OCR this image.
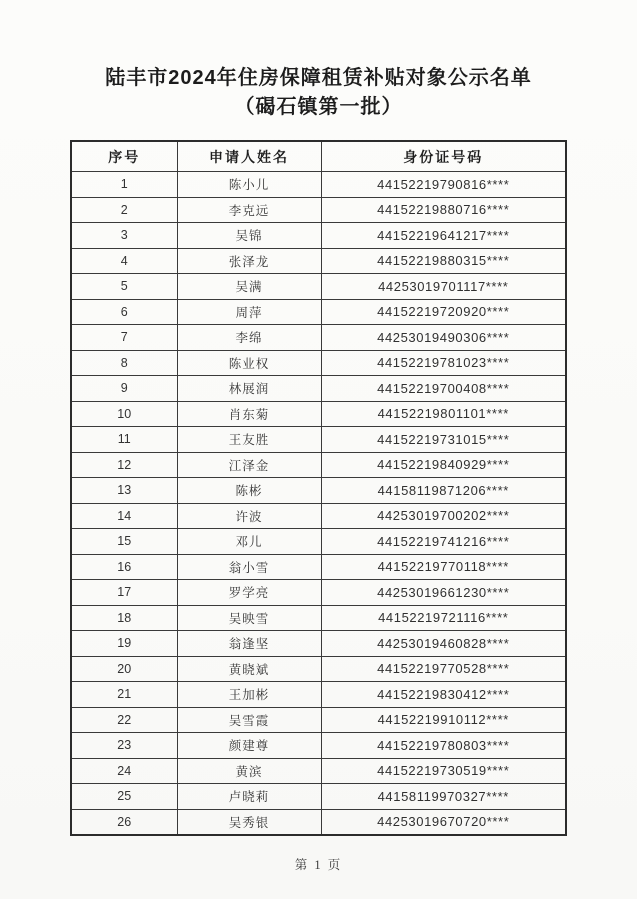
陆丰市2024年住房保障租赁补贴对象公示名单
（碣石镇第一批）
序号	申请人姓名	身份证号码
1	陈小儿	44152219790816****
2	李克远	44152219880716****
3	吴锦	44152219641217****
4	张泽龙	44152219880315****
5	吴满	44253019701117****
6	周萍	44152219720920****
7	李绵	44253019490306****
8	陈业权	44152219781023****
9	林展润	44152219700408****
10	肖东菊	44152219801101****
11	王友胜	44152219731015****
12	江泽金	44152219840929****
13	陈彬	44158119871206****
14	许波	44253019700202****
15	邓儿	44152219741216****
16	翁小雪	44152219770118****
17	罗学亮	44253019661230****
18	吴映雪	44152219721116****
19	翁逢坚	44253019460828****
20	黄晓斌	44152219770528****
21	王加彬	44152219830412****
22	吴雪霞	44152219910112****
23	颜建尊	44152219780803****
24	黄滨	44152219730519****
25	卢晓莉	44158119970327****
26	吴秀银	44253019670720****
第 1 页
